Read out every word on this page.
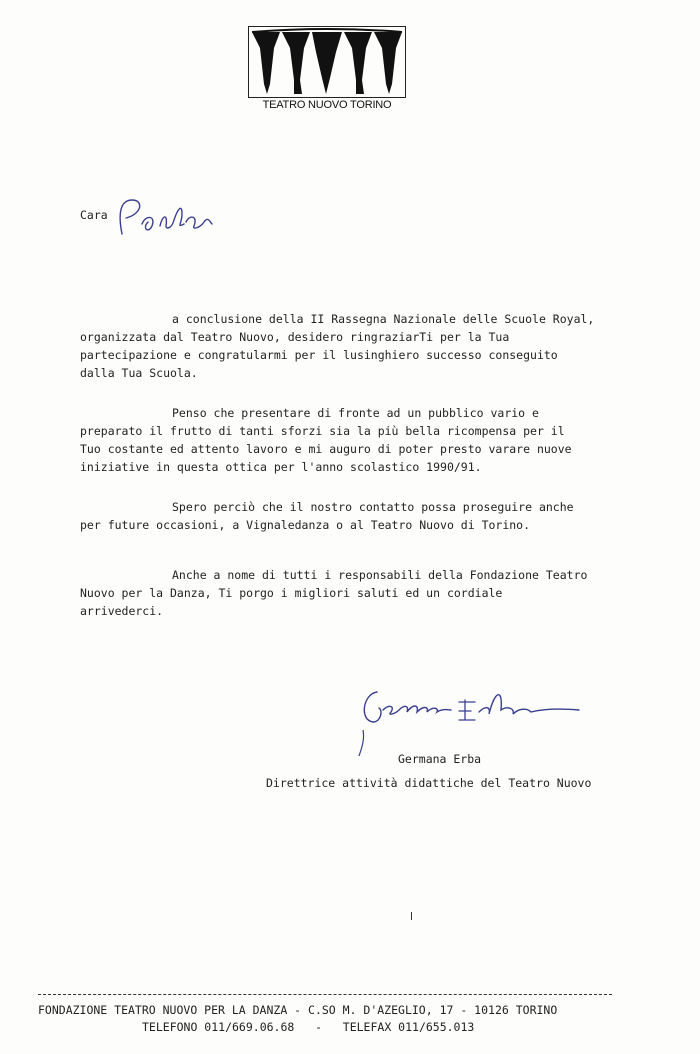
TEATRO NUOVO TORINO
Cara
a conclusione della II Rassegna Nazionale delle Scuole Royal,
organizzata dal Teatro Nuovo, desidero ringraziarTi per la Tua
partecipazione e congratularmi per il lusinghiero successo conseguito
dalla Tua Scuola.
Penso che presentare di fronte ad un pubblico vario e
preparato il frutto di tanti sforzi sia la più bella ricompensa per il
Tuo costante ed attento lavoro e mi auguro di poter presto varare nuove
iniziative in questa ottica per l'anno scolastico 1990/91.
Spero perciò che il nostro contatto possa proseguire anche
per future occasioni, a Vignaledanza o al Teatro Nuovo di Torino.
Anche a nome di tutti i responsabili della Fondazione Teatro
Nuovo per la Danza, Ti porgo i migliori saluti ed un cordiale
arrivederci.
Germana Erba
Direttrice attività didattiche del Teatro Nuovo
FONDAZIONE TEATRO NUOVO PER LA DANZA - C.SO M. D'AZEGLIO, 17 - 10126 TORINO
TELEFONO 011/669.06.68   -   TELEFAX 011/655.013
